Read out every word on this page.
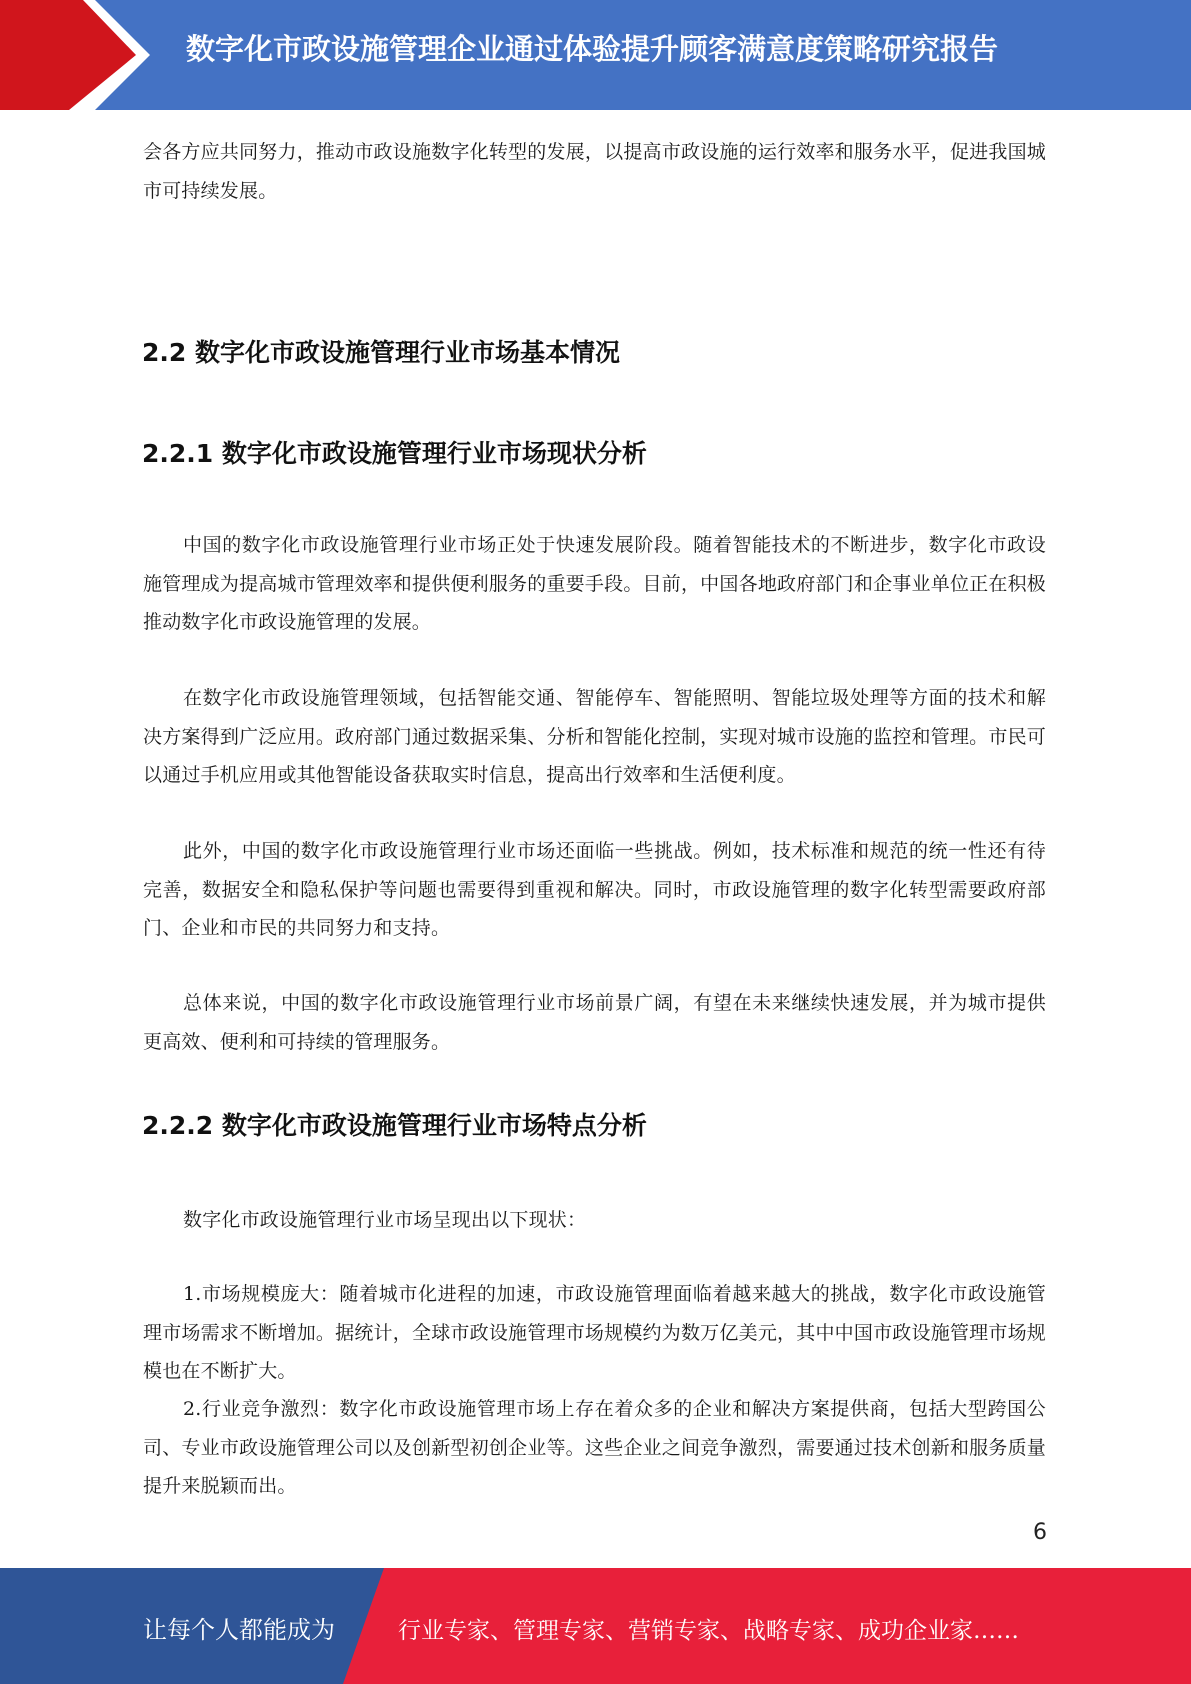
数字化市政设施管理企业通过体验提升顾客满意度策略研究报告

会各方应共同努力，推动市政设施数字化转型的发展，以提高市政设施的运行效率和服务水平，促进我国城市可持续发展。

2.2 数字化市政设施管理行业市场基本情况
2.2.1 数字化市政设施管理行业市场现状分析

中国的数字化市政设施管理行业市场正处于快速发展阶段。随着智能技术的不断进步，数字化市政设施管理成为提高城市管理效率和提供便利服务的重要手段。目前，中国各地政府部门和企事业单位正在积极推动数字化市政设施管理的发展。

在数字化市政设施管理领域，包括智能交通、智能停车、智能照明、智能垃圾处理等方面的技术和解决方案得到广泛应用。政府部门通过数据采集、分析和智能化控制，实现对城市设施的监控和管理。市民可以通过手机应用或其他智能设备获取实时信息，提高出行效率和生活便利度。

此外，中国的数字化市政设施管理行业市场还面临一些挑战。例如，技术标准和规范的统一性还有待完善，数据安全和隐私保护等问题也需要得到重视和解决。同时，市政设施管理的数字化转型需要政府部门、企业和市民的共同努力和支持。

总体来说，中国的数字化市政设施管理行业市场前景广阔，有望在未来继续快速发展，并为城市提供更高效、便利和可持续的管理服务。

2.2.2 数字化市政设施管理行业市场特点分析

数字化市政设施管理行业市场呈现出以下现状：

1.市场规模庞大：随着城市化进程的加速，市政设施管理面临着越来越大的挑战，数字化市政设施管理市场需求不断增加。据统计，全球市政设施管理市场规模约为数万亿美元，其中中国市政设施管理市场规模也在不断扩大。

2.行业竞争激烈：数字化市政设施管理市场上存在着众多的企业和解决方案提供商，包括大型跨国公司、专业市政设施管理公司以及创新型初创企业等。这些企业之间竞争激烈，需要通过技术创新和服务质量提升来脱颖而出。

6
让每个人都能成为	行业专家、管理专家、营销专家、战略专家、成功企业家……
